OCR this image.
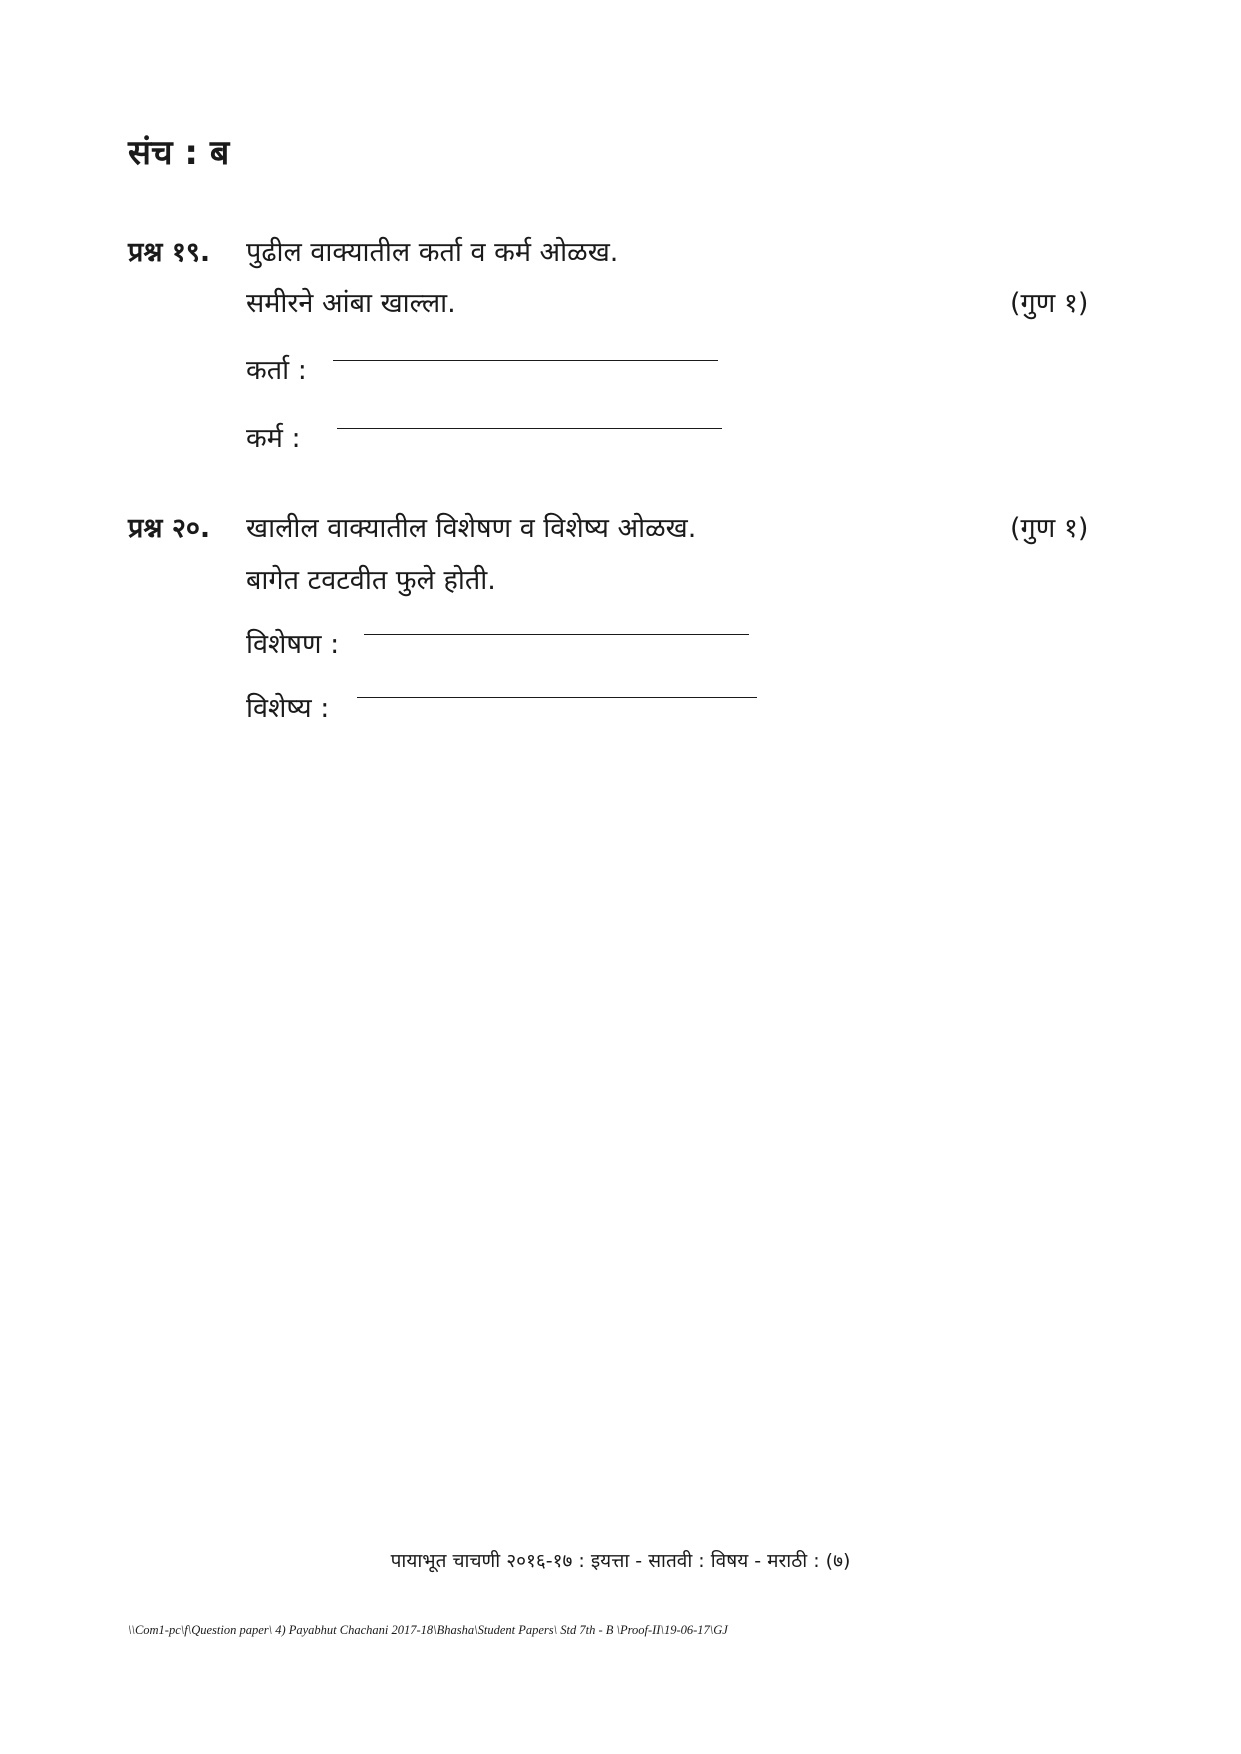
संच : ब
प्रश्न १९. पुढील वाक्यातील कर्ता व कर्म ओळख.
समीरने आंबा खाल्ला.	(गुण १)
कर्ता :
कर्म :
प्रश्न २०. खालील वाक्यातील विशेषण व विशेष्य ओळख.	(गुण १)
बागेत टवटवीत फुले होती.
विशेषण :
विशेष्य :
पायाभूत चाचणी २०१६-१७ : इयत्ता - सातवी : विषय - मराठी : (७)
\\Com1-pc\f\Question paper\ 4) Payabhut Chachani 2017-18\Bhasha\Student Papers\ Std 7th - B \Proof-II\19-06-17\GJ
